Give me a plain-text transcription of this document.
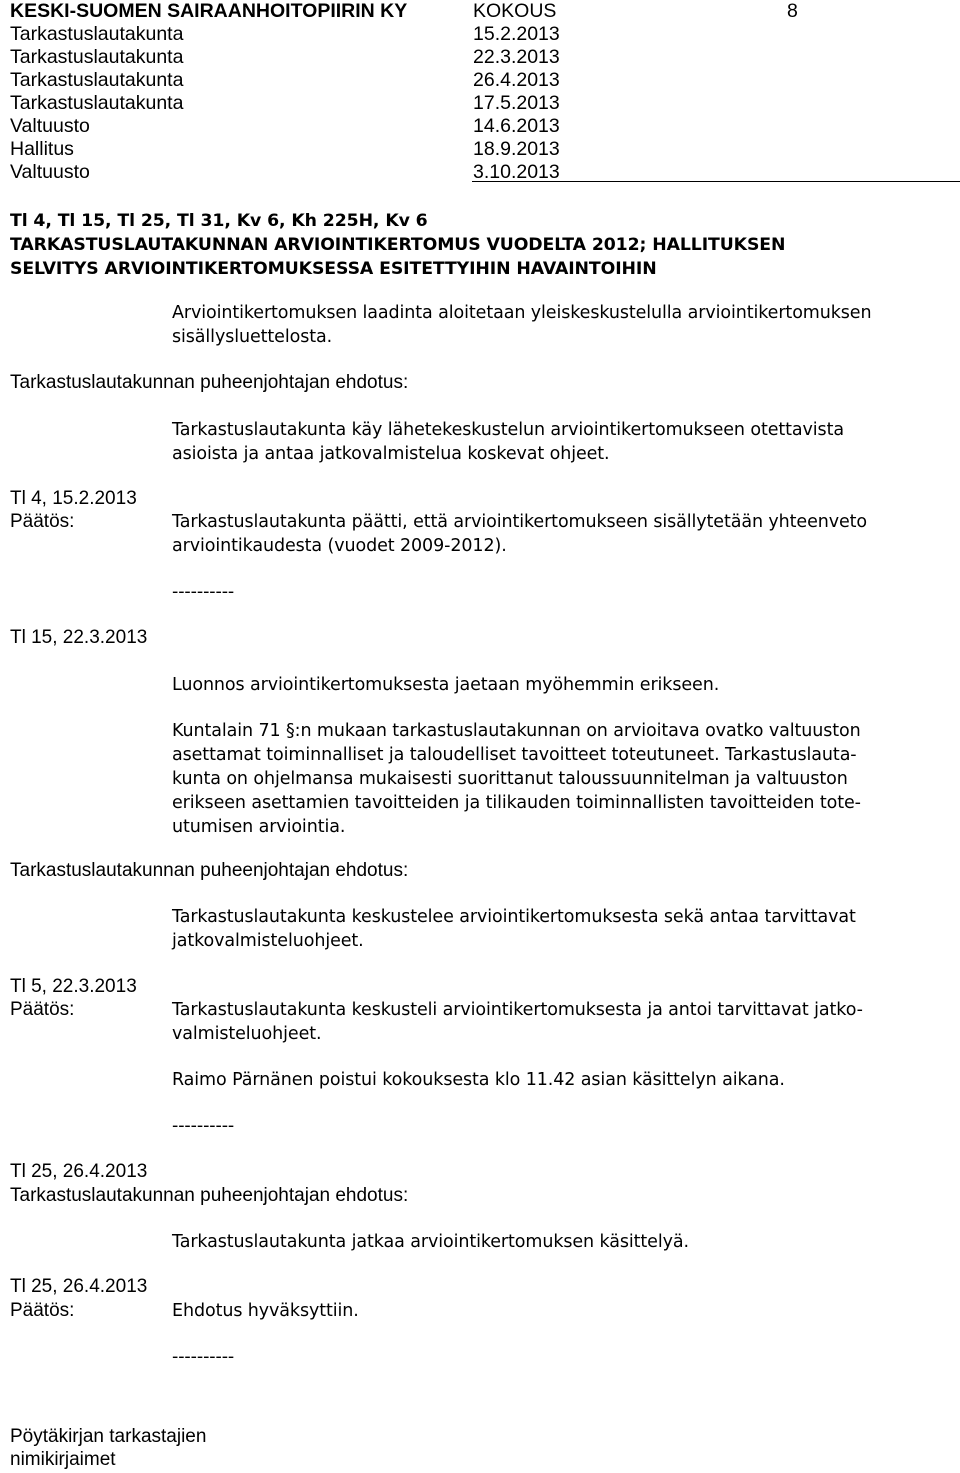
KESKI-SUOMEN SAIRAANHOITOPIIRIN KY	KOKOUS	8
Tarkastuslautakunta	15.2.2013
Tarkastuslautakunta	22.3.2013
Tarkastuslautakunta	26.4.2013
Tarkastuslautakunta	17.5.2013
Valtuusto	14.6.2013
Hallitus	18.9.2013
Valtuusto	3.10.2013
Tl 4, Tl 15, Tl 25, Tl 31, Kv 6, Kh 225H, Kv 6
TARKASTUSLAUTAKUNNAN ARVIOINTIKERTOMUS VUODELTA 2012; HALLITUKSEN
SELVITYS ARVIOINTIKERTOMUKSESSA ESITETTYIHIN HAVAINTOIHIN
Arviointikertomuksen laadinta aloitetaan yleiskeskustelulla arviointikertomuksen
sisällysluettelosta.
Tarkastuslautakunnan puheenjohtajan ehdotus:
Tarkastuslautakunta käy lähetekeskustelun arviointikertomukseen otettavista
asioista ja antaa jatkovalmistelua koskevat ohjeet.
Tl 4, 15.2.2013
Päätös:	Tarkastuslautakunta päätti, että arviointikertomukseen sisällytetään yhteenveto
arviointikaudesta (vuodet 2009-2012).
----------
Tl 15, 22.3.2013
Luonnos arviointikertomuksesta jaetaan myöhemmin erikseen.
Kuntalain 71 §:n mukaan tarkastuslautakunnan on arvioitava ovatko valtuuston
asettamat toiminnalliset ja taloudelliset tavoitteet toteutuneet. Tarkastuslauta-
kunta on ohjelmansa mukaisesti suorittanut taloussuunnitelman ja valtuuston
erikseen asettamien tavoitteiden ja tilikauden toiminnallisten tavoitteiden tote-
utumisen arviointia.
Tarkastuslautakunnan puheenjohtajan ehdotus:
Tarkastuslautakunta keskustelee arviointikertomuksesta sekä antaa tarvittavat
jatkovalmisteluohjeet.
Tl 5, 22.3.2013
Päätös:	Tarkastuslautakunta keskusteli arviointikertomuksesta ja antoi tarvittavat jatko-
valmisteluohjeet.
Raimo Pärnänen poistui kokouksesta klo 11.42 asian käsittelyn aikana.
----------
Tl 25, 26.4.2013
Tarkastuslautakunnan puheenjohtajan ehdotus:
Tarkastuslautakunta jatkaa arviointikertomuksen käsittelyä.
Tl 25, 26.4.2013
Päätös:	Ehdotus hyväksyttiin.
----------
Pöytäkirjan tarkastajien
nimikirjaimet
